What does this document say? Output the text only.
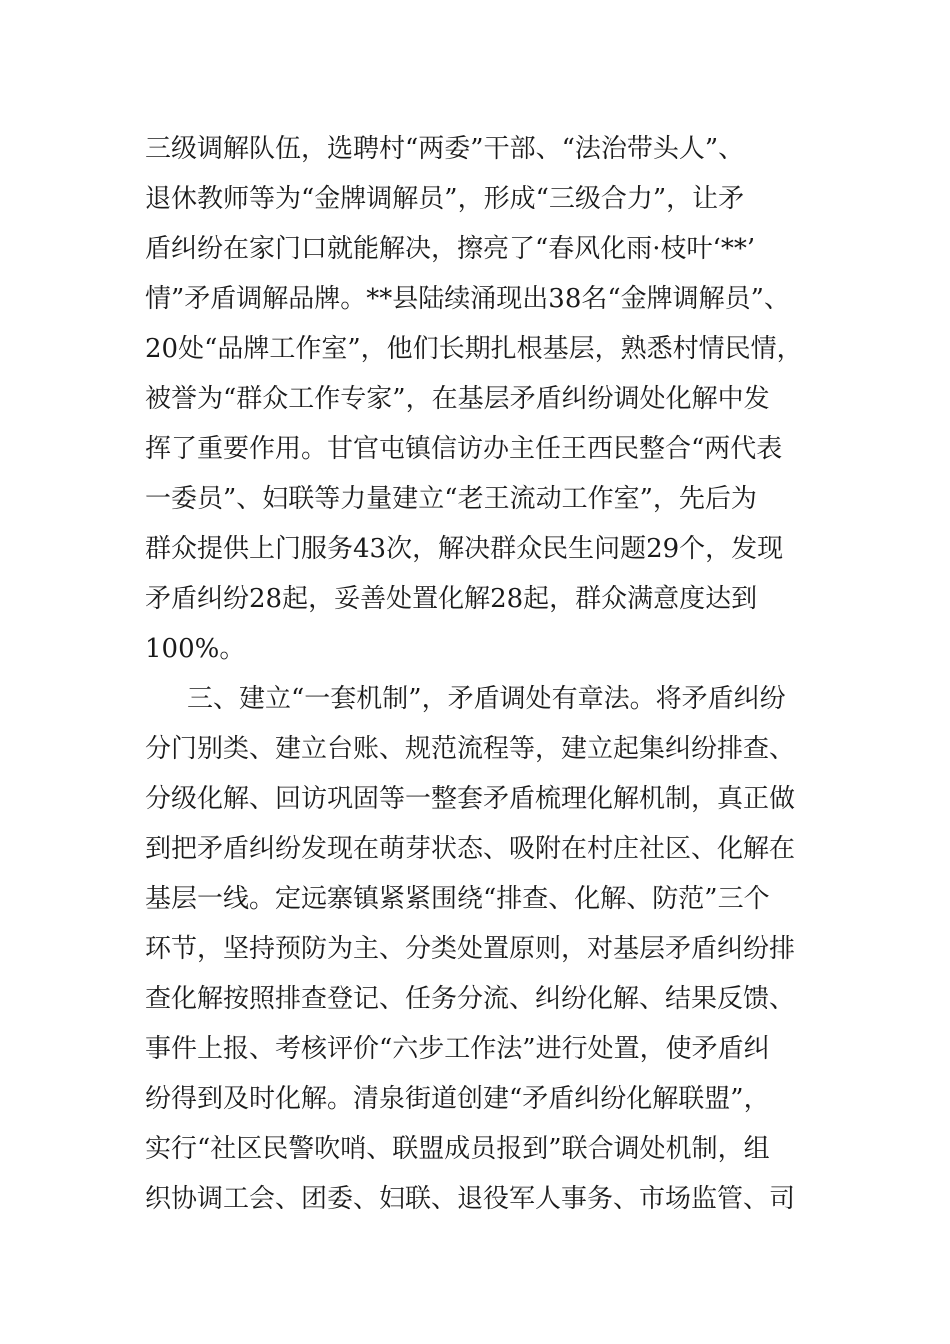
三级调解队伍，选聘村“两委”干部、“法治带头人”、
退休教师等为“金牌调解员”，形成“三级合力”，让矛
盾纠纷在家门口就能解决，擦亮了“春风化雨·枝叶‘**’
情”矛盾调解品牌。**县陆续涌现出38名“金牌调解员”、
20处“品牌工作室”，他们长期扎根基层，熟悉村情民情，
被誉为“群众工作专家”，在基层矛盾纠纷调处化解中发
挥了重要作用。甘官屯镇信访办主任王西民整合“两代表
一委员”、妇联等力量建立“老王流动工作室”，先后为
群众提供上门服务43次，解决群众民生问题29个，发现
矛盾纠纷28起，妥善处置化解28起，群众满意度达到
100%。
三、建立“一套机制”，矛盾调处有章法。将矛盾纠纷
分门别类、建立台账、规范流程等，建立起集纠纷排查、
分级化解、回访巩固等一整套矛盾梳理化解机制，真正做
到把矛盾纠纷发现在萌芽状态、吸附在村庄社区、化解在
基层一线。定远寨镇紧紧围绕“排查、化解、防范”三个
环节，坚持预防为主、分类处置原则，对基层矛盾纠纷排
查化解按照排查登记、任务分流、纠纷化解、结果反馈、
事件上报、考核评价“六步工作法”进行处置，使矛盾纠
纷得到及时化解。清泉街道创建“矛盾纠纷化解联盟”，
实行“社区民警吹哨、联盟成员报到”联合调处机制，组
织协调工会、团委、妇联、退役军人事务、市场监管、司
